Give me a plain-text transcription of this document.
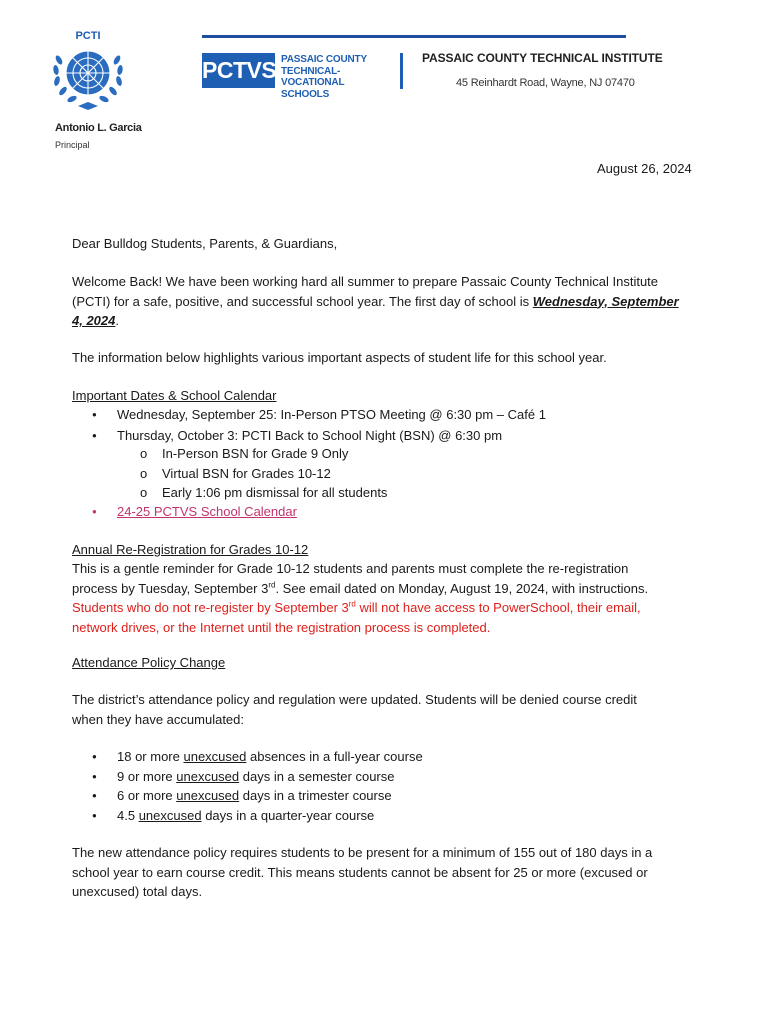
PCTI
PCTVS PASSAIC COUNTY
TECHNICAL-VOCATIONAL
SCHOOLS
PASSAIC COUNTY TECHNICAL INSTITUTE
45 Reinhardt Road, Wayne, NJ 07470
Antonio L. Garcia
Principal
August 26, 2024
Dear Bulldog Students, Parents, & Guardians,
Welcome Back! We have been working hard all summer to prepare Passaic County Technical Institute
(PCTI) for a safe, positive, and successful school year. The first day of school is Wednesday, September
4, 2024.
The information below highlights various important aspects of student life for this school year.
Important Dates & School Calendar
● Wednesday, September 25: In-Person PTSO Meeting @ 6:30 pm – Café 1
● Thursday, October 3: PCTI Back to School Night (BSN) @ 6:30 pm
o In-Person BSN for Grade 9 Only
o Virtual BSN for Grades 10-12
o Early 1:06 pm dismissal for all students
● 24-25 PCTVS School Calendar
Annual Re-Registration for Grades 10-12
This is a gentle reminder for Grade 10-12 students and parents must complete the re-registration
process by Tuesday, September 3rd. See email dated on Monday, August 19, 2024, with instructions.
Students who do not re-register by September 3rd will not have access to PowerSchool, their email,
network drives, or the Internet until the registration process is completed.
Attendance Policy Change
The district’s attendance policy and regulation were updated. Students will be denied course credit
when they have accumulated:
● 18 or more unexcused absences in a full-year course
● 9 or more unexcused days in a semester course
● 6 or more unexcused days in a trimester course
● 4.5 unexcused days in a quarter-year course
The new attendance policy requires students to be present for a minimum of 155 out of 180 days in a
school year to earn course credit. This means students cannot be absent for 25 or more (excused or
unexcused) total days.
